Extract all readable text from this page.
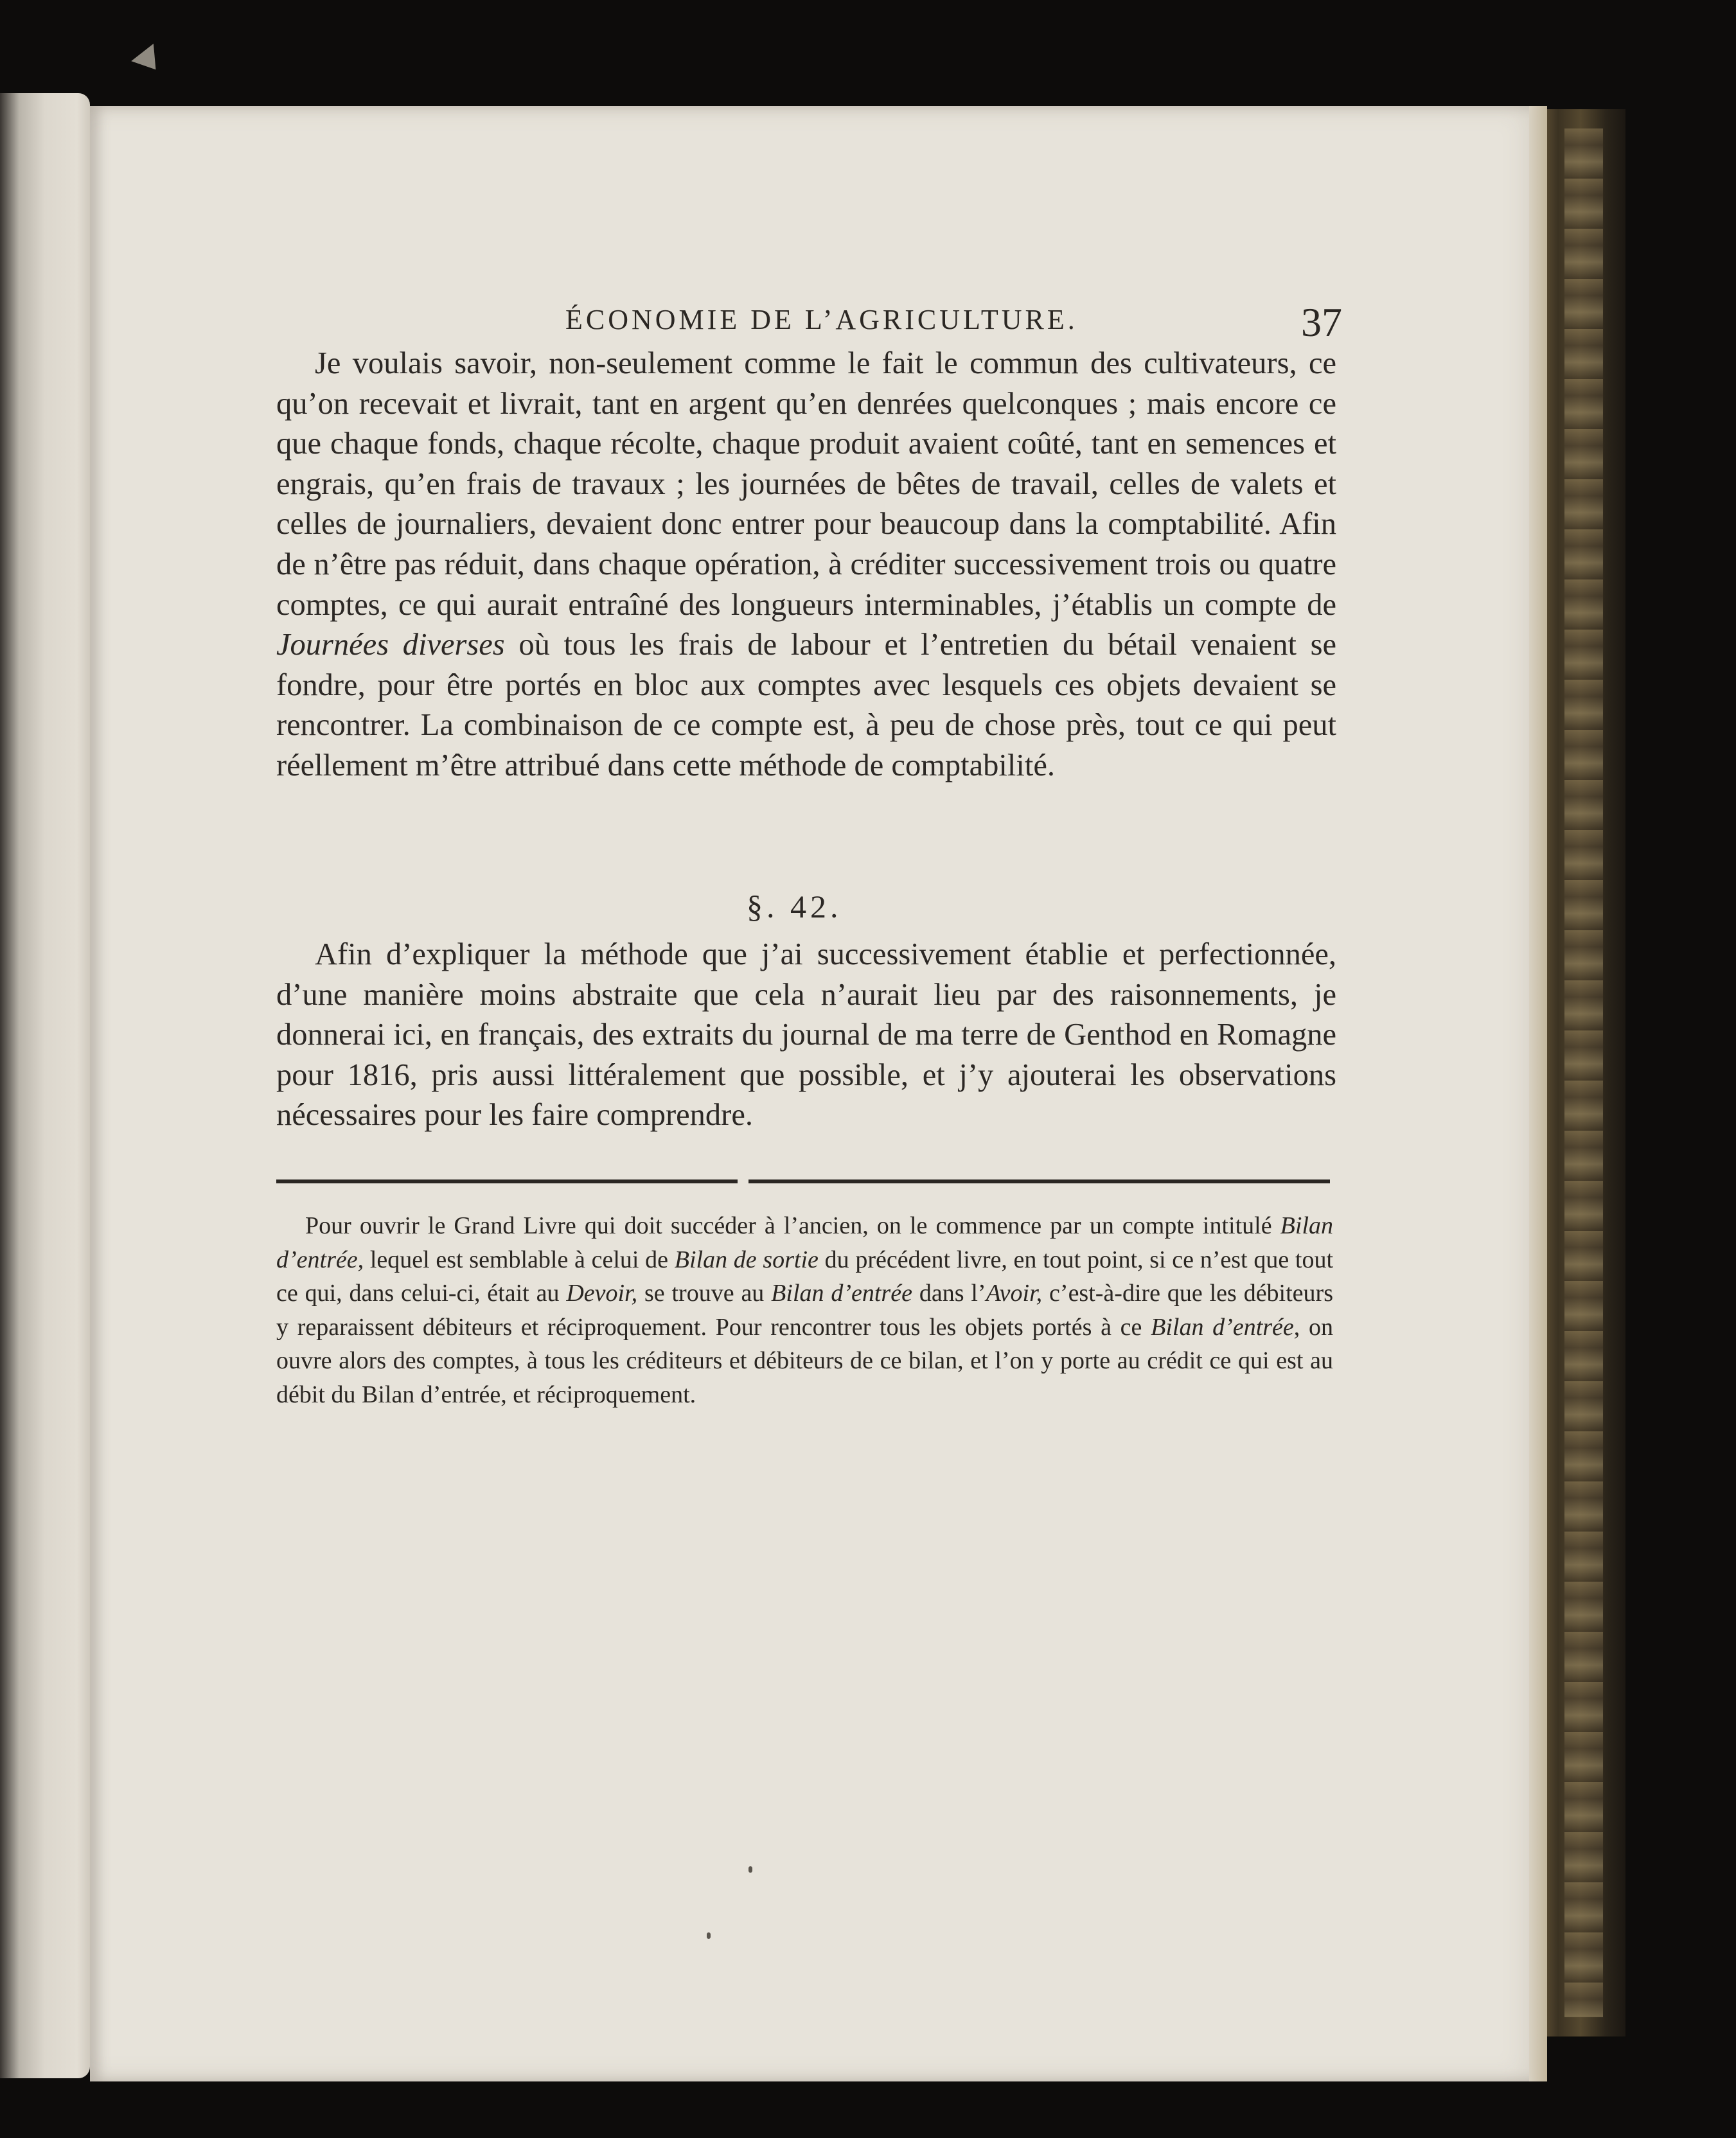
ÉCONOMIE DE L’AGRICULTURE.	37

Je voulais savoir, non-seulement comme le fait le commun des cultivateurs, ce qu’on recevait et livrait, tant en argent qu’en denrées quelconques ; mais encore ce que chaque fonds, chaque récolte, chaque produit avaient coûté, tant en semences et engrais, qu’en frais de travaux ; les journées de bêtes de travail, celles de valets et celles de journaliers, devaient donc entrer pour beaucoup dans la comptabilité. Afin de n’être pas réduit, dans chaque opération, à créditer successivement trois ou quatre comptes, ce qui aurait entraîné des longueurs interminables, j’établis un compte de Journées diverses où tous les frais de labour et l’entretien du bétail venaient se fondre, pour être portés en bloc aux comptes avec lesquels ces objets devaient se rencontrer. La combinaison de ce compte est, à peu de chose près, tout ce qui peut réellement m’être attribué dans cette méthode de comptabilité.

§. 42.

Afin d’expliquer la méthode que j’ai successivement établie et perfectionnée, d’une manière moins abstraite que cela n’aurait lieu par des raisonnements, je donnerai ici, en français, des extraits du journal de ma terre de Genthod en Romagne pour 1816, pris aussi littéralement que possible, et j’y ajouterai les observations nécessaires pour les faire comprendre.

Pour ouvrir le Grand Livre qui doit succéder à l’ancien, on le commence par un compte intitulé Bilan d’entrée, lequel est semblable à celui de Bilan de sortie du précédent livre, en tout point, si ce n’est que tout ce qui, dans celui-ci, était au Devoir, se trouve au Bilan d’entrée dans l’Avoir, c’est-à-dire que les débiteurs y reparaissent débiteurs et réciproquement. Pour rencontrer tous les objets portés à ce Bilan d’entrée, on ouvre alors des comptes, à tous les créditeurs et débiteurs de ce bilan, et l’on y porte au crédit ce qui est au débit du Bilan d’entrée, et réciproquement.
